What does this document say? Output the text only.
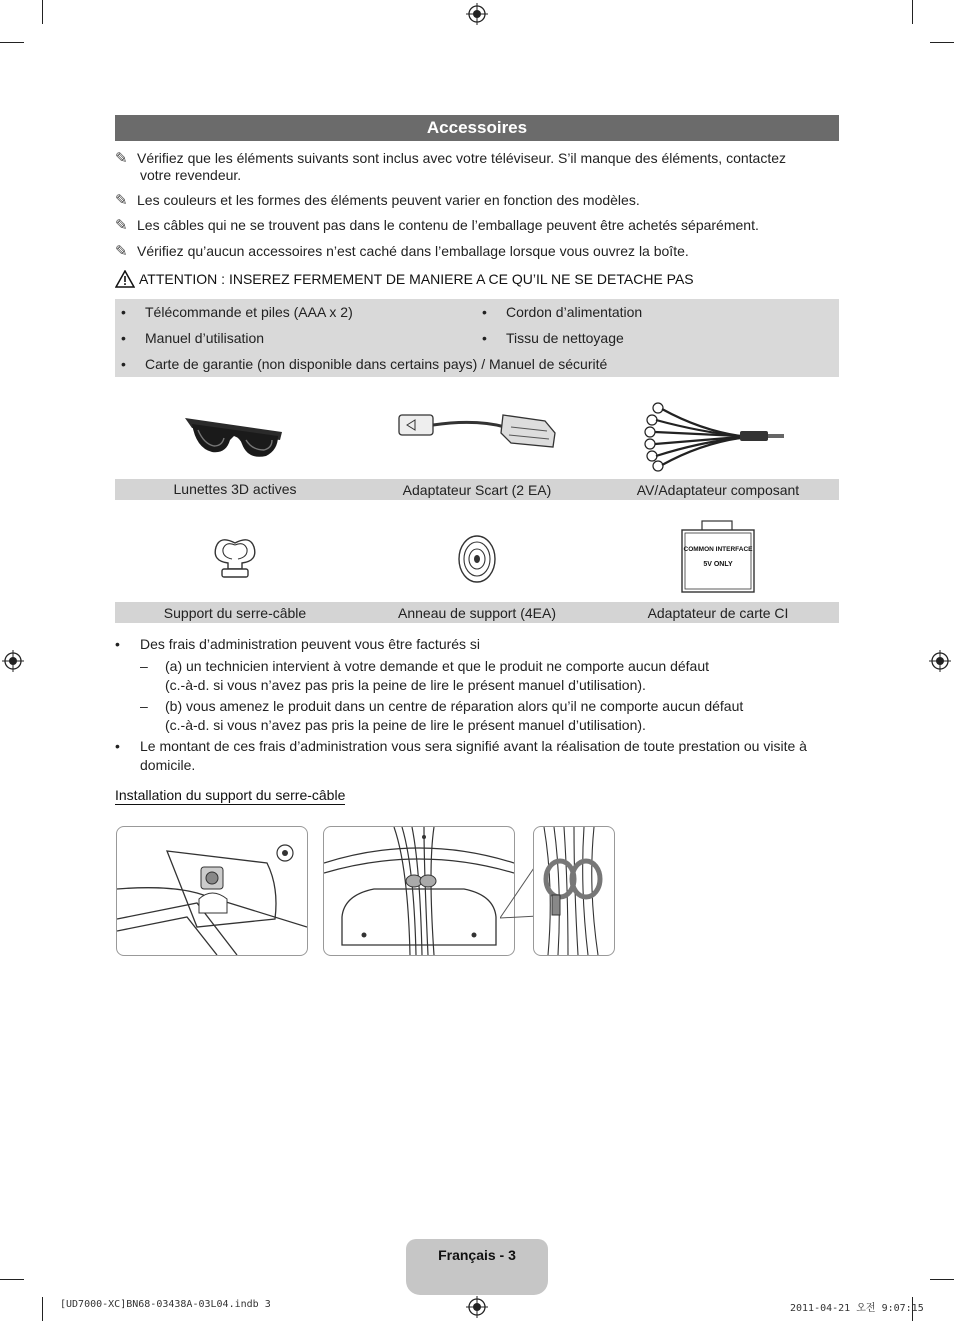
Accessoires
✎ Vérifiez que les éléments suivants sont inclus avec votre téléviseur. S’il manque des éléments, contactez
votre revendeur.
✎ Les couleurs et les formes des éléments peuvent varier en fonction des modèles.
✎ Les câbles qui ne se trouvent pas dans le contenu de l’emballage peuvent être achetés séparément.
✎ Vérifiez qu’aucun accessoires n’est caché dans l’emballage lorsque vous ouvrez la boîte.
ATTENTION : INSEREZ FERMEMENT DE MANIERE A CE QU’IL NE SE DETACHE PAS
• Télécommande et piles (AAA x 2)	• Cordon d’alimentation
• Manuel d’utilisation	• Tissu de nettoyage
• Carte de garantie (non disponible dans certains pays) / Manuel de sécurité
Lunettes 3D actives	Adaptateur Scart (2 EA)	AV/Adaptateur composant
COMMON INTERFACE
5V ONLY
Support du serre-câble	Anneau de support (4EA)	Adaptateur de carte CI
• Des frais d’administration peuvent vous être facturés si
– (a) un technicien intervient à votre demande et que le produit ne comporte aucun défaut
(c.-à-d. si vous n’avez pas pris la peine de lire le présent manuel d’utilisation).
– (b) vous amenez le produit dans un centre de réparation alors qu’il ne comporte aucun défaut
(c.-à-d. si vous n’avez pas pris la peine de lire le présent manuel d’utilisation).
• Le montant de ces frais d’administration vous sera signifié avant la réalisation de toute prestation ou visite à
domicile.
Installation du support du serre-câble
Français - 3
[UD7000-XC]BN68-03438A-03L04.indb 3	2011-04-21 오전 9:07:15
